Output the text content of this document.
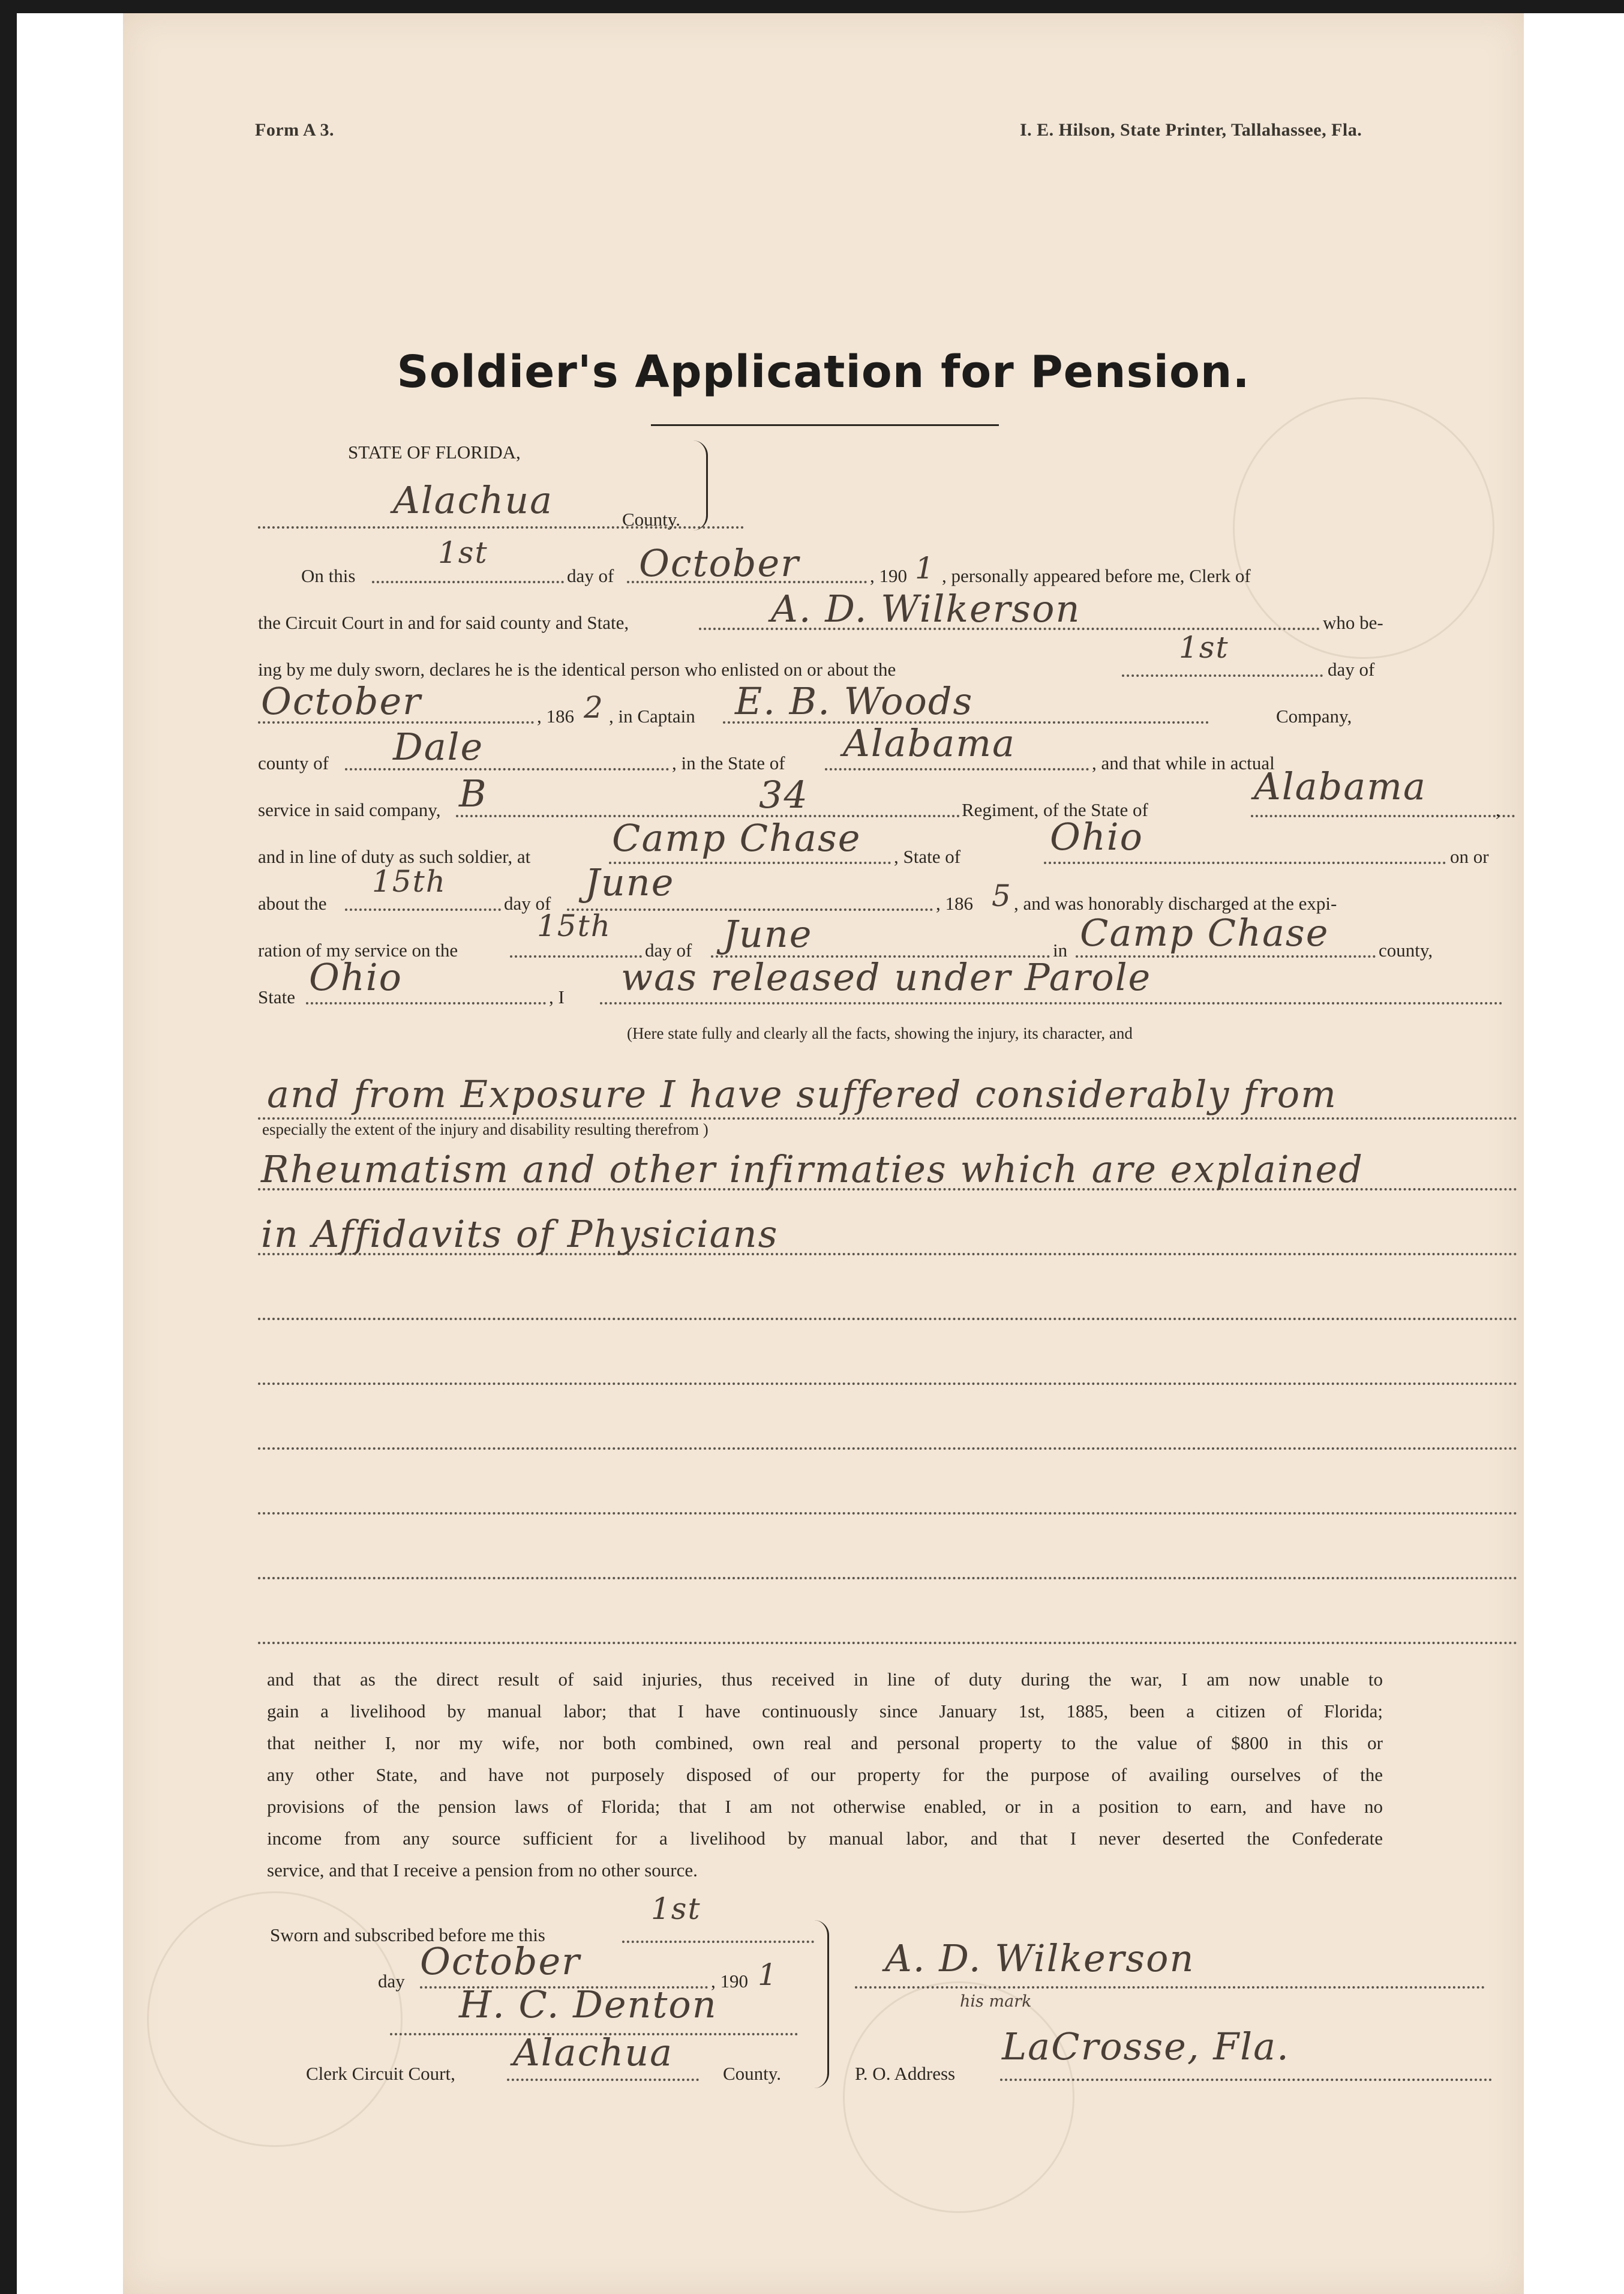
Form A 3.	I. E. Hilson, State Printer, Tallahassee, Fla.
Soldier's Application for Pension.
STATE OF FLORIDA,
Alachua	County.
On this
1st
day of October	, 190 1 , personally appeared before me, Clerk of
the Circuit Court in and for said county and State,	A. D. Wilkerson	who be-
ing by me duly sworn, declares he is the identical person who enlisted on or about the
1st
day of
October	, 186 2 , in Captain E. B. Woods	Company,
county of Dale	, in the State of Alabama	, and that while in actual
service in said company, B	34	Regiment, of the State of
Alabama
,
and in line of duty as such soldier, at Camp Chase , State of Ohio	on or
about the
15th
day of June	, 186 5 , and was honorably discharged at the expi-
ration of my service on the
15th
day of June	in Camp Chase	county,
State Ohio	, I was released under Parole
(Here state fully and clearly all the facts, showing the injury, its character, and
and from Exposure I have suffered considerably from
especially the extent of the injury and disability resulting therefrom )
Rheumatism and other infirmaties which are explained
in Affidavits of Physicians
and that as the direct result of said injuries, thus received in line of duty during the war, I am now unable to
gain a livelihood by manual labor; that I have continuously since January 1st, 1885, been a citizen of Florida;
that neither I, nor my wife, nor both combined, own real and personal property to the value of $800 in this or
any other State, and have not purposely disposed of our property for the purpose of availing ourselves of the
provisions of the pension laws of Florida; that I am not otherwise enabled, or in a position to earn, and have no
income from any source sufficient for a livelihood by manual labor, and that I never deserted the Confederate
service, and that I receive a pension from no other source.
Sworn and subscribed before me this
1st
day October	, 190 1
H. C. Denton
Clerk Circuit Court, Alachua	County.
A. D. Wilkerson
his mark
P. O. Address
LaCrosse, Fla.
